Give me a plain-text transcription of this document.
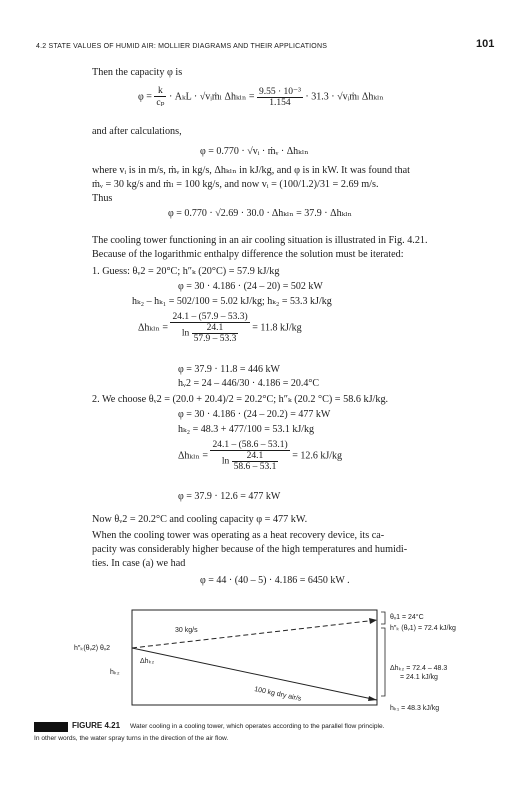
4.2 STATE VALUES OF HUMID AIR: MOLLIER DIAGRAMS AND THEIR APPLICATIONS	101
Then the capacity φ is
$\varphi = \frac{k}{\text{cₚ}} \cdot A_kL$ · √vᵢṁₗ $\Delta h_{kln} = \frac{\text{9.55 · 10⁻³}}{1.154} \cdot 31.3$ · √vᵢṁₗ Δhₖₗₙ
and after calculations,
φ = 0.770 · √vᵢ · ṁᵥ · Δhₖₗₙ
where vᵢ is in m/s, ṁᵥ in kg/s, Δhₖₗₙ in kJ/kg, and φ is in kW. It was found that
ṁᵥ = 30 kg/s and ṁₗ = 100 kg/s, and now vᵢ = (100/1.2)/31 = 2.69 m/s.
Thus
φ = 0.770 · √2.69 · 30.0 · Δhₖₗₙ = 37.9 · Δhₖₗₙ
The cooling tower functioning in an air cooling situation is illustrated in Fig. 4.21.
Because of the logarithmic enthalpy difference the solution must be iterated:
1. Guess: θᵥ2 = 20°C; h″ₖ (20°C) = 57.9 kJ/kg
φ = 30 · 4.186 · (24 – 20) = 502 kW
hₖ₂ – hₖ₁ = 502/100 = 5.02 kJ/kg; hₖ₂ = 53.3 kJ/kg
$\Delta h_{kln} = \frac{24.1 - (57.9 - 53.3)}{\ln \frac{24.1}{57.9 - 53.3}} = 11.8$ kJ/kg
φ = 37.9 · 11.8 = 446 kW
hᵥ2 = 24 – 446/30 · 4.186 = 20.4°C
2. We choose θᵥ2 = (20.0 + 20.4)/2 = 20.2°C; h″ₖ (20.2 °C) = 58.6 kJ/kg.
φ = 30 · 4.186 · (24 – 20.2) = 477 kW
hₖ₂ = 48.3 + 477/100 = 53.1 kJ/kg
$\Delta h_{kln} = \frac{24.1 - (58.6 - 53.1)}{\ln \frac{24.1}{58.6 - 53.1}} = 12.6$ kJ/kg
φ = 37.9 · 12.6 = 477 kW
Now θᵥ2 = 20.2°C and cooling capacity φ = 477 kW.
When the cooling tower was operating as a heat recovery device, its ca-
pacity was considerably higher because of the high temperatures and humidi-
ties. In case (a) we had
φ = 44 · (40 – 5) · 4.186 = 6450 kW .
30 kg/s
100 kg dry air/s
h″ₖ(θᵥ2) θᵥ2
Δhₖ₂
hₖ₂
θᵥ1 = 24°C
h″ₖ (θᵥ1) = 72.4 kJ/kg
Δhₖ₂ = 72.4 – 48.3
= 24.1 kJ/kg
hₖ₁ = 48.3 kJ/kg
FIGURE 4.21 Water cooling in a cooling tower, which operates according to the parallel flow principle.
In other words, the water spray turns in the direction of the air flow.
